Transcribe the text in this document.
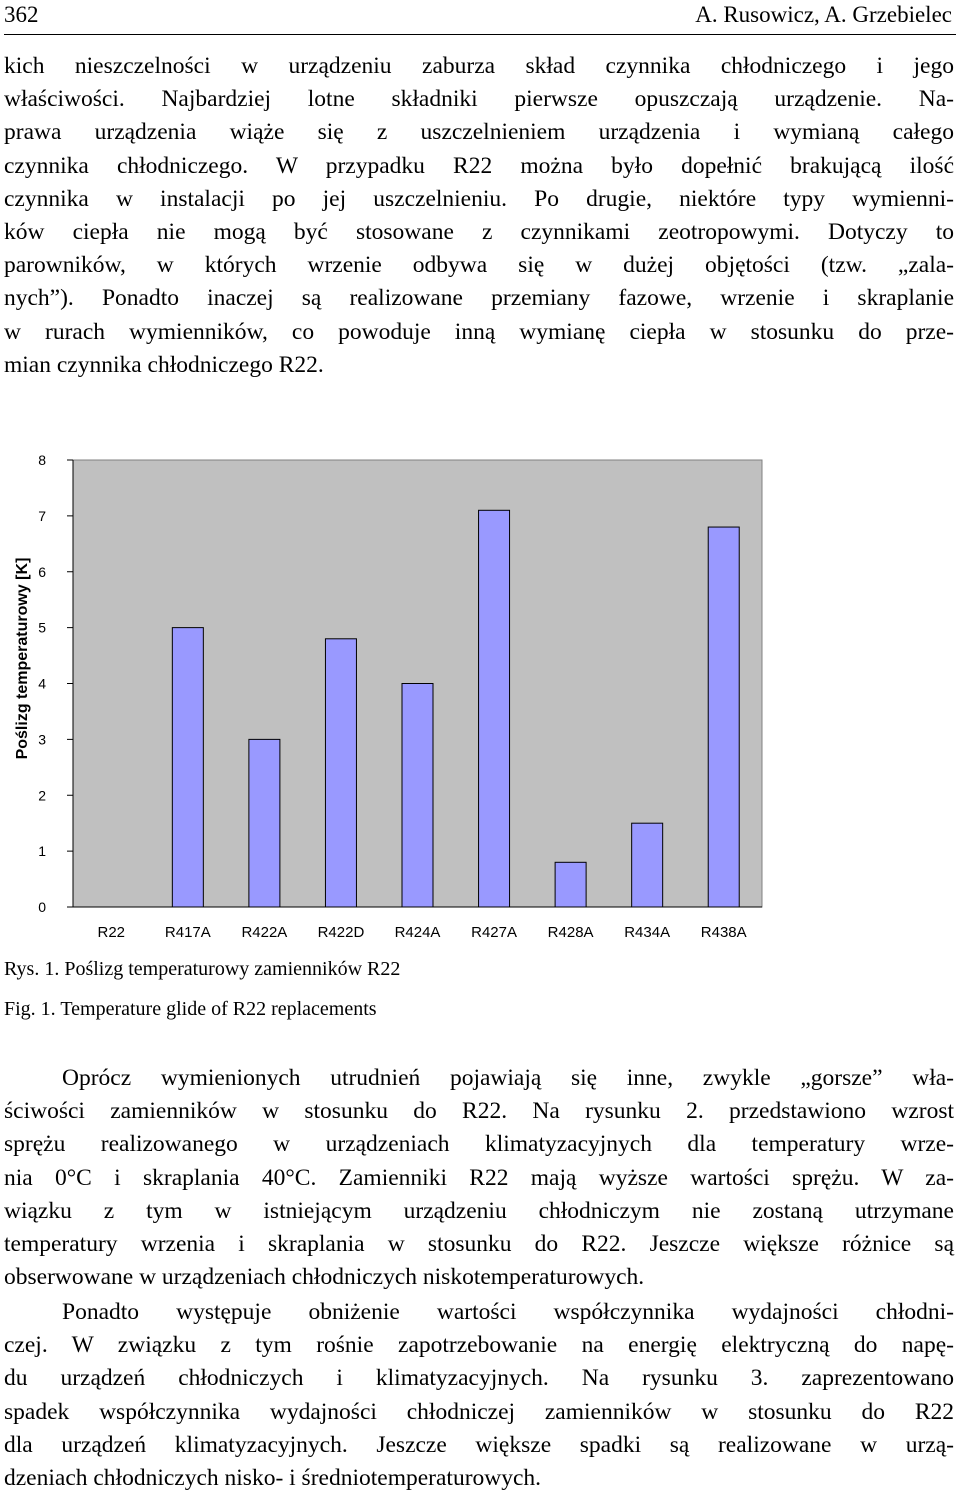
362	A. Rusowicz, A. Grzebielec
kich nieszczelności w urządzeniu zaburza skład czynnika chłodniczego i jego
właściwości. Najbardziej lotne składniki pierwsze opuszczają urządzenie. Na-
prawa urządzenia wiąże się z uszczelnieniem urządzenia i wymianą całego
czynnika chłodniczego. W przypadku R22 można było dopełnić brakującą ilość
czynnika w instalacji po jej uszczelnieniu. Po drugie, niektóre typy wymienni-
ków ciepła nie mogą być stosowane z czynnikami zeotropowymi. Dotyczy to
parowników, w których wrzenie odbywa się w dużej objętości (tzw. „zala-
nych”). Ponadto inaczej są realizowane przemiany fazowe, wrzenie i skraplanie
w rurach wymienników, co powoduje inną wymianę ciepła w stosunku do prze-
mian czynnika chłodniczego R22.
0
1
2
3
4
5
6
7
8
Poślizg temperaturowy [K]
R22	R417A R422A R422D R424A R427A R428A R434A R438A
Rys. 1. Poślizg temperaturowy zamienników R22
Fig. 1. Temperature glide of R22 replacements
Oprócz wymienionych utrudnień pojawiają się inne, zwykle „gorsze” wła-
ściwości zamienników w stosunku do R22. Na rysunku 2. przedstawiono wzrost
sprężu realizowanego w urządzeniach klimatyzacyjnych dla temperatury wrze-
nia 0°C i skraplania 40°C. Zamienniki R22 mają wyższe wartości sprężu. W za-
wiązku z tym w istniejącym urządzeniu chłodniczym nie zostaną utrzymane
temperatury wrzenia i skraplania w stosunku do R22. Jeszcze większe różnice są
obserwowane w urządzeniach chłodniczych niskotemperaturowych.
Ponadto występuje obniżenie wartości współczynnika wydajności chłodni-
czej. W związku z tym rośnie zapotrzebowanie na energię elektryczną do napę-
du urządzeń chłodniczych i klimatyzacyjnych. Na rysunku 3. zaprezentowano
spadek współczynnika wydajności chłodniczej zamienników w stosunku do R22
dla urządzeń klimatyzacyjnych. Jeszcze większe spadki są realizowane w urzą-
dzeniach chłodniczych nisko- i średniotemperaturowych.
